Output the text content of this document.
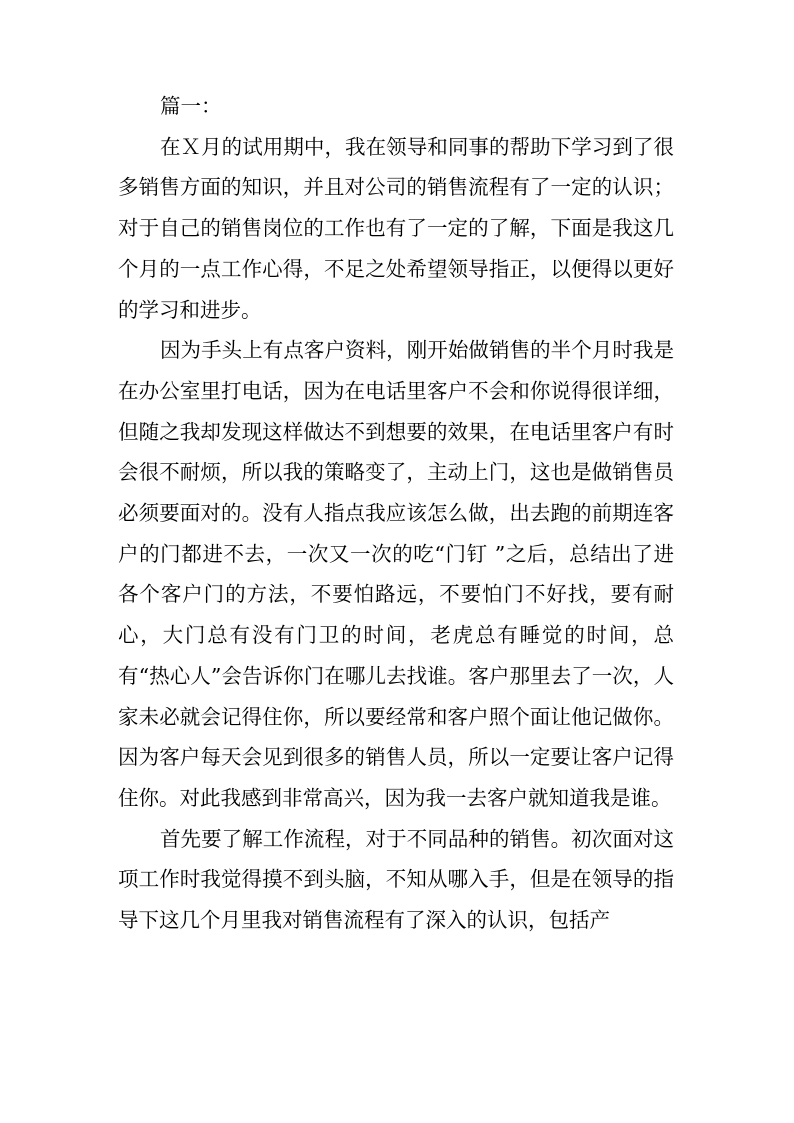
篇一：

在Ｘ月的试用期中，我在领导和同事的帮助下学习到了很多销售方面的知识，并且对公司的销售流程有了一定的认识；对于自己的销售岗位的工作也有了一定的了解，下面是我这几个月的一点工作心得，不足之处希望领导指正，以便得以更好的学习和进步。

因为手头上有点客户资料，刚开始做销售的半个月时我是在办公室里打电话，因为在电话里客户不会和你说得很详细，但随之我却发现这样做达不到想要的效果，在电话里客户有时会很不耐烦，所以我的策略变了，主动上门，这也是做销售员必须要面对的。没有人指点我应该怎么做，出去跑的前期连客户的门都进不去，一次又一次的吃“门钉 ”之后，总结出了进各个客户门的方法，不要怕路远，不要怕门不好找，要有耐心，大门总有没有门卫的时间，老虎总有睡觉的时间，总有“热心人”会告诉你门在哪儿去找谁。客户那里去了一次，人家未必就会记得住你，所以要经常和客户照个面让他记做你。因为客户每天会见到很多的销售人员，所以一定要让客户记得住你。对此我感到非常高兴，因为我一去客户就知道我是谁。

首先要了解工作流程，对于不同品种的销售。初次面对这项工作时我觉得摸不到头脑，不知从哪入手，但是在领导的指导下这几个月里我对销售流程有了深入的认识，包括产
